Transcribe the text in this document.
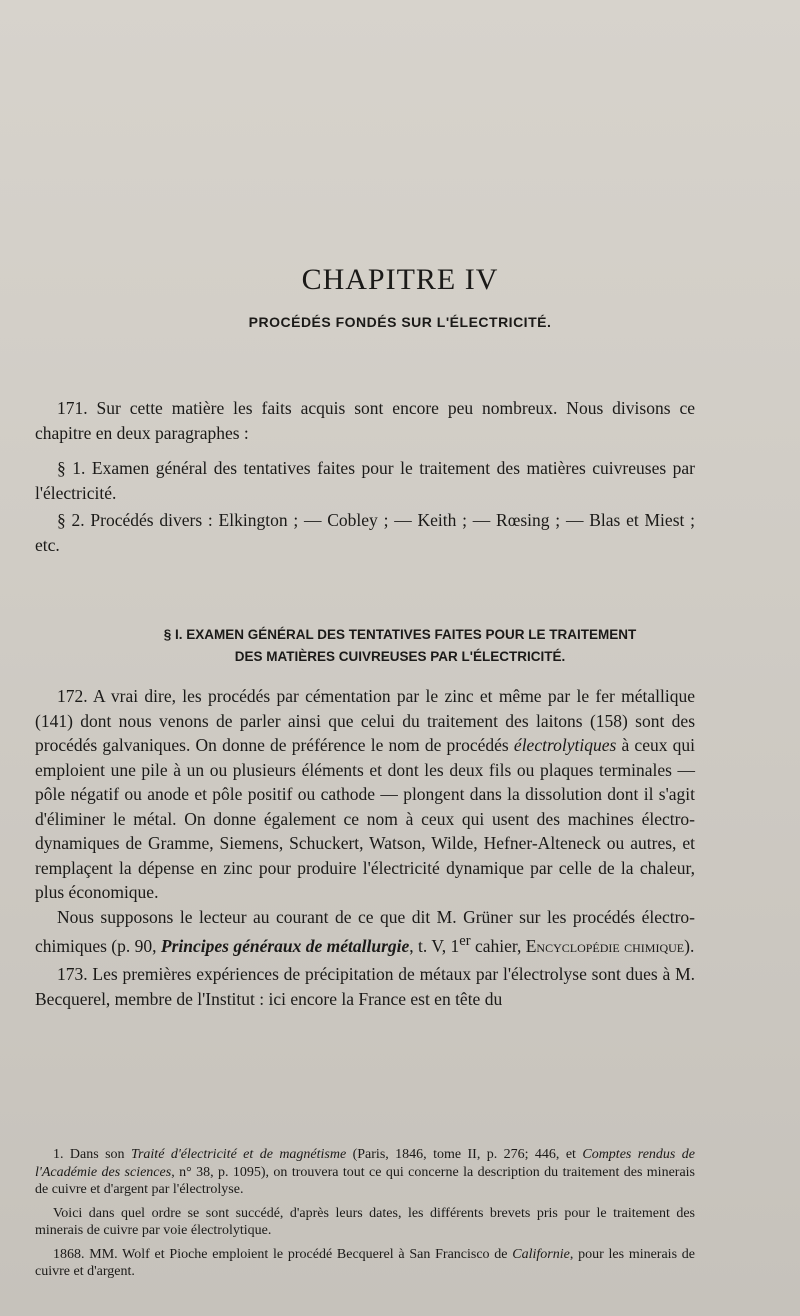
CHAPITRE IV
PROCÉDÉS FONDÉS SUR L'ÉLECTRICITÉ.

171. Sur cette matière les faits acquis sont encore peu nombreux. Nous divisons ce chapitre en deux paragraphes :

§ 1. Examen général des tentatives faites pour le traitement des matières cuivreuses par l'électricité.

§ 2. Procédés divers : Elkington ; — Cobley ; — Keith ; — Rœsing ; — Blas et Miest ; etc.

§ I. EXAMEN GÉNÉRAL DES TENTATIVES FAITES POUR LE TRAITEMENT
DES MATIÈRES CUIVREUSES PAR L'ÉLECTRICITÉ.

172. A vrai dire, les procédés par cémentation par le zinc et même par le fer métallique (141) dont nous venons de parler ainsi que celui du traitement des laitons (158) sont des procédés galvaniques. On donne de préférence le nom de procédés électrolytiques à ceux qui emploient une pile à un ou plusieurs éléments et dont les deux fils ou plaques terminales — pôle négatif ou anode et pôle positif ou cathode — plongent dans la dissolution dont il s'agit d'éliminer le métal. On donne également ce nom à ceux qui usent des machines électro-dynamiques de Gramme, Siemens, Schuckert, Watson, Wilde, Hefner-Alteneck ou autres, et remplaçent la dépense en zinc pour produire l'électricité dynamique par celle de la chaleur, plus économique.

Nous supposons le lecteur au courant de ce que dit M. Grüner sur les procédés électro-chimiques (p. 90, Principes généraux de métallurgie, t. V, 1er cahier, Encyclopédie chimique).

173. Les premières expériences de précipitation de métaux par l'électrolyse sont dues à M. Becquerel, membre de l'Institut : ici encore la France est en tête du

1. Dans son Traité d'électricité et de magnétisme (Paris, 1846, tome II, p. 276; 446, et Comptes rendus de l'Académie des sciences, n° 38, p. 1095), on trouvera tout ce qui concerne la description du traitement des minerais de cuivre et d'argent par l'électrolyse.

Voici dans quel ordre se sont succédé, d'après leurs dates, les différents brevets pris pour le traitement des minerais de cuivre par voie électrolytique.

1868. MM. Wolf et Pioche emploient le procédé Becquerel à San Francisco de Californie, pour les minerais de cuivre et d'argent.
